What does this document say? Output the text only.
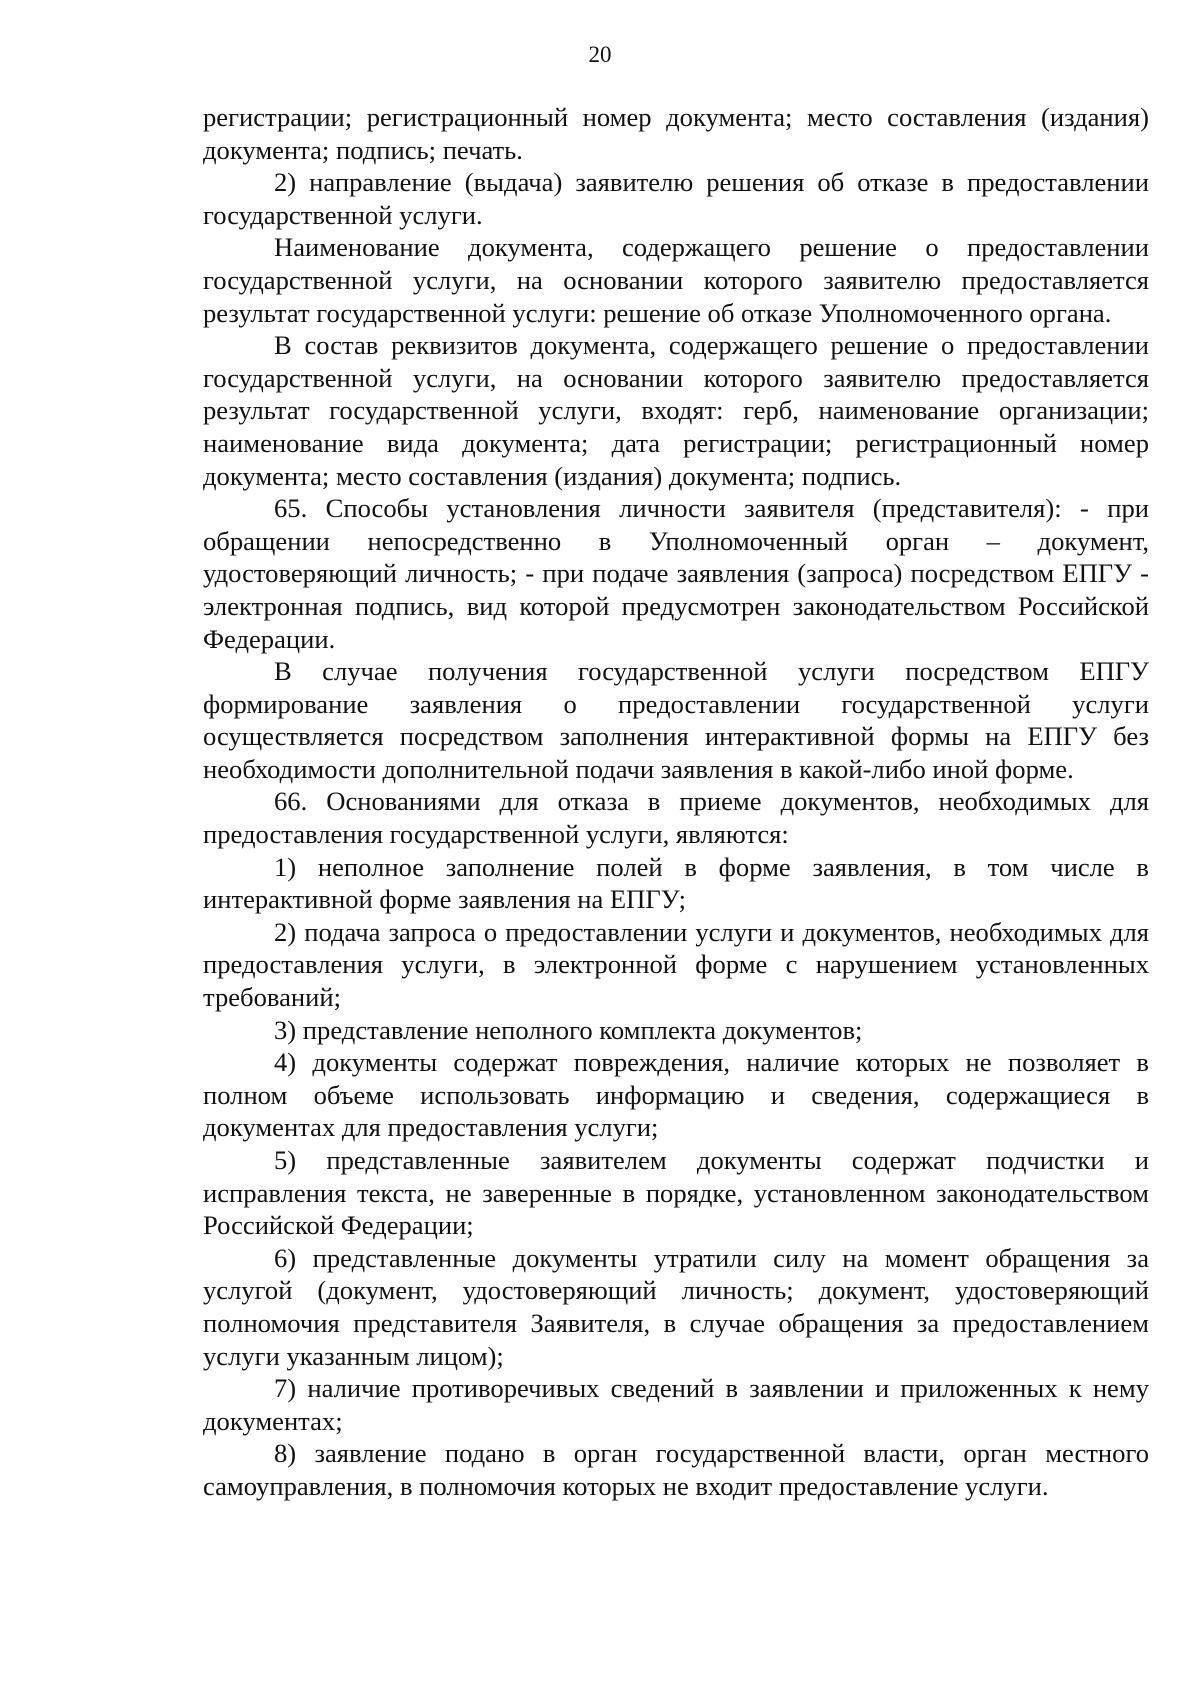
20

регистрации; регистрационный номер документа; место составления (издания) документа; подпись; печать.

2) направление (выдача) заявителю решения об отказе в предоставлении государственной услуги.

Наименование документа, содержащего решение о предоставлении государственной услуги, на основании которого заявителю предоставляется результат государственной услуги: решение об отказе Уполномоченного органа.

В состав реквизитов документа, содержащего решение о предоставлении государственной услуги, на основании которого заявителю предоставляется результат государственной услуги, входят: герб, наименование организации; наименование вида документа; дата регистрации; регистрационный номер документа; место составления (издания) документа; подпись.

65. Способы установления личности заявителя (представителя): - при обращении непосредственно в Уполномоченный орган – документ, удостоверяющий личность; - при подаче заявления (запроса) посредством ЕПГУ - электронная подпись, вид которой предусмотрен законодательством Российской Федерации.

В случае получения государственной услуги посредством ЕПГУ формирование заявления о предоставлении государственной услуги осуществляется посредством заполнения интерактивной формы на ЕПГУ без необходимости дополнительной подачи заявления в какой-либо иной форме.

66. Основаниями для отказа в приеме документов, необходимых для предоставления государственной услуги, являются:

1) неполное заполнение полей в форме заявления, в том числе в интерактивной форме заявления на ЕПГУ;

2) подача запроса о предоставлении услуги и документов, необходимых для предоставления услуги, в электронной форме с нарушением установленных требований;

3) представление неполного комплекта документов;

4) документы содержат повреждения, наличие которых не позволяет в полном объеме использовать информацию и сведения, содержащиеся в документах для предоставления услуги;

5) представленные заявителем документы содержат подчистки и исправления текста, не заверенные в порядке, установленном законодательством Российской Федерации;

6) представленные документы утратили силу на момент обращения за услугой (документ, удостоверяющий личность; документ, удостоверяющий полномочия представителя Заявителя, в случае обращения за предоставлением услуги указанным лицом);

7) наличие противоречивых сведений в заявлении и приложенных к нему документах;

8) заявление подано в орган государственной власти, орган местного самоуправления, в полномочия которых не входит предоставление услуги.
